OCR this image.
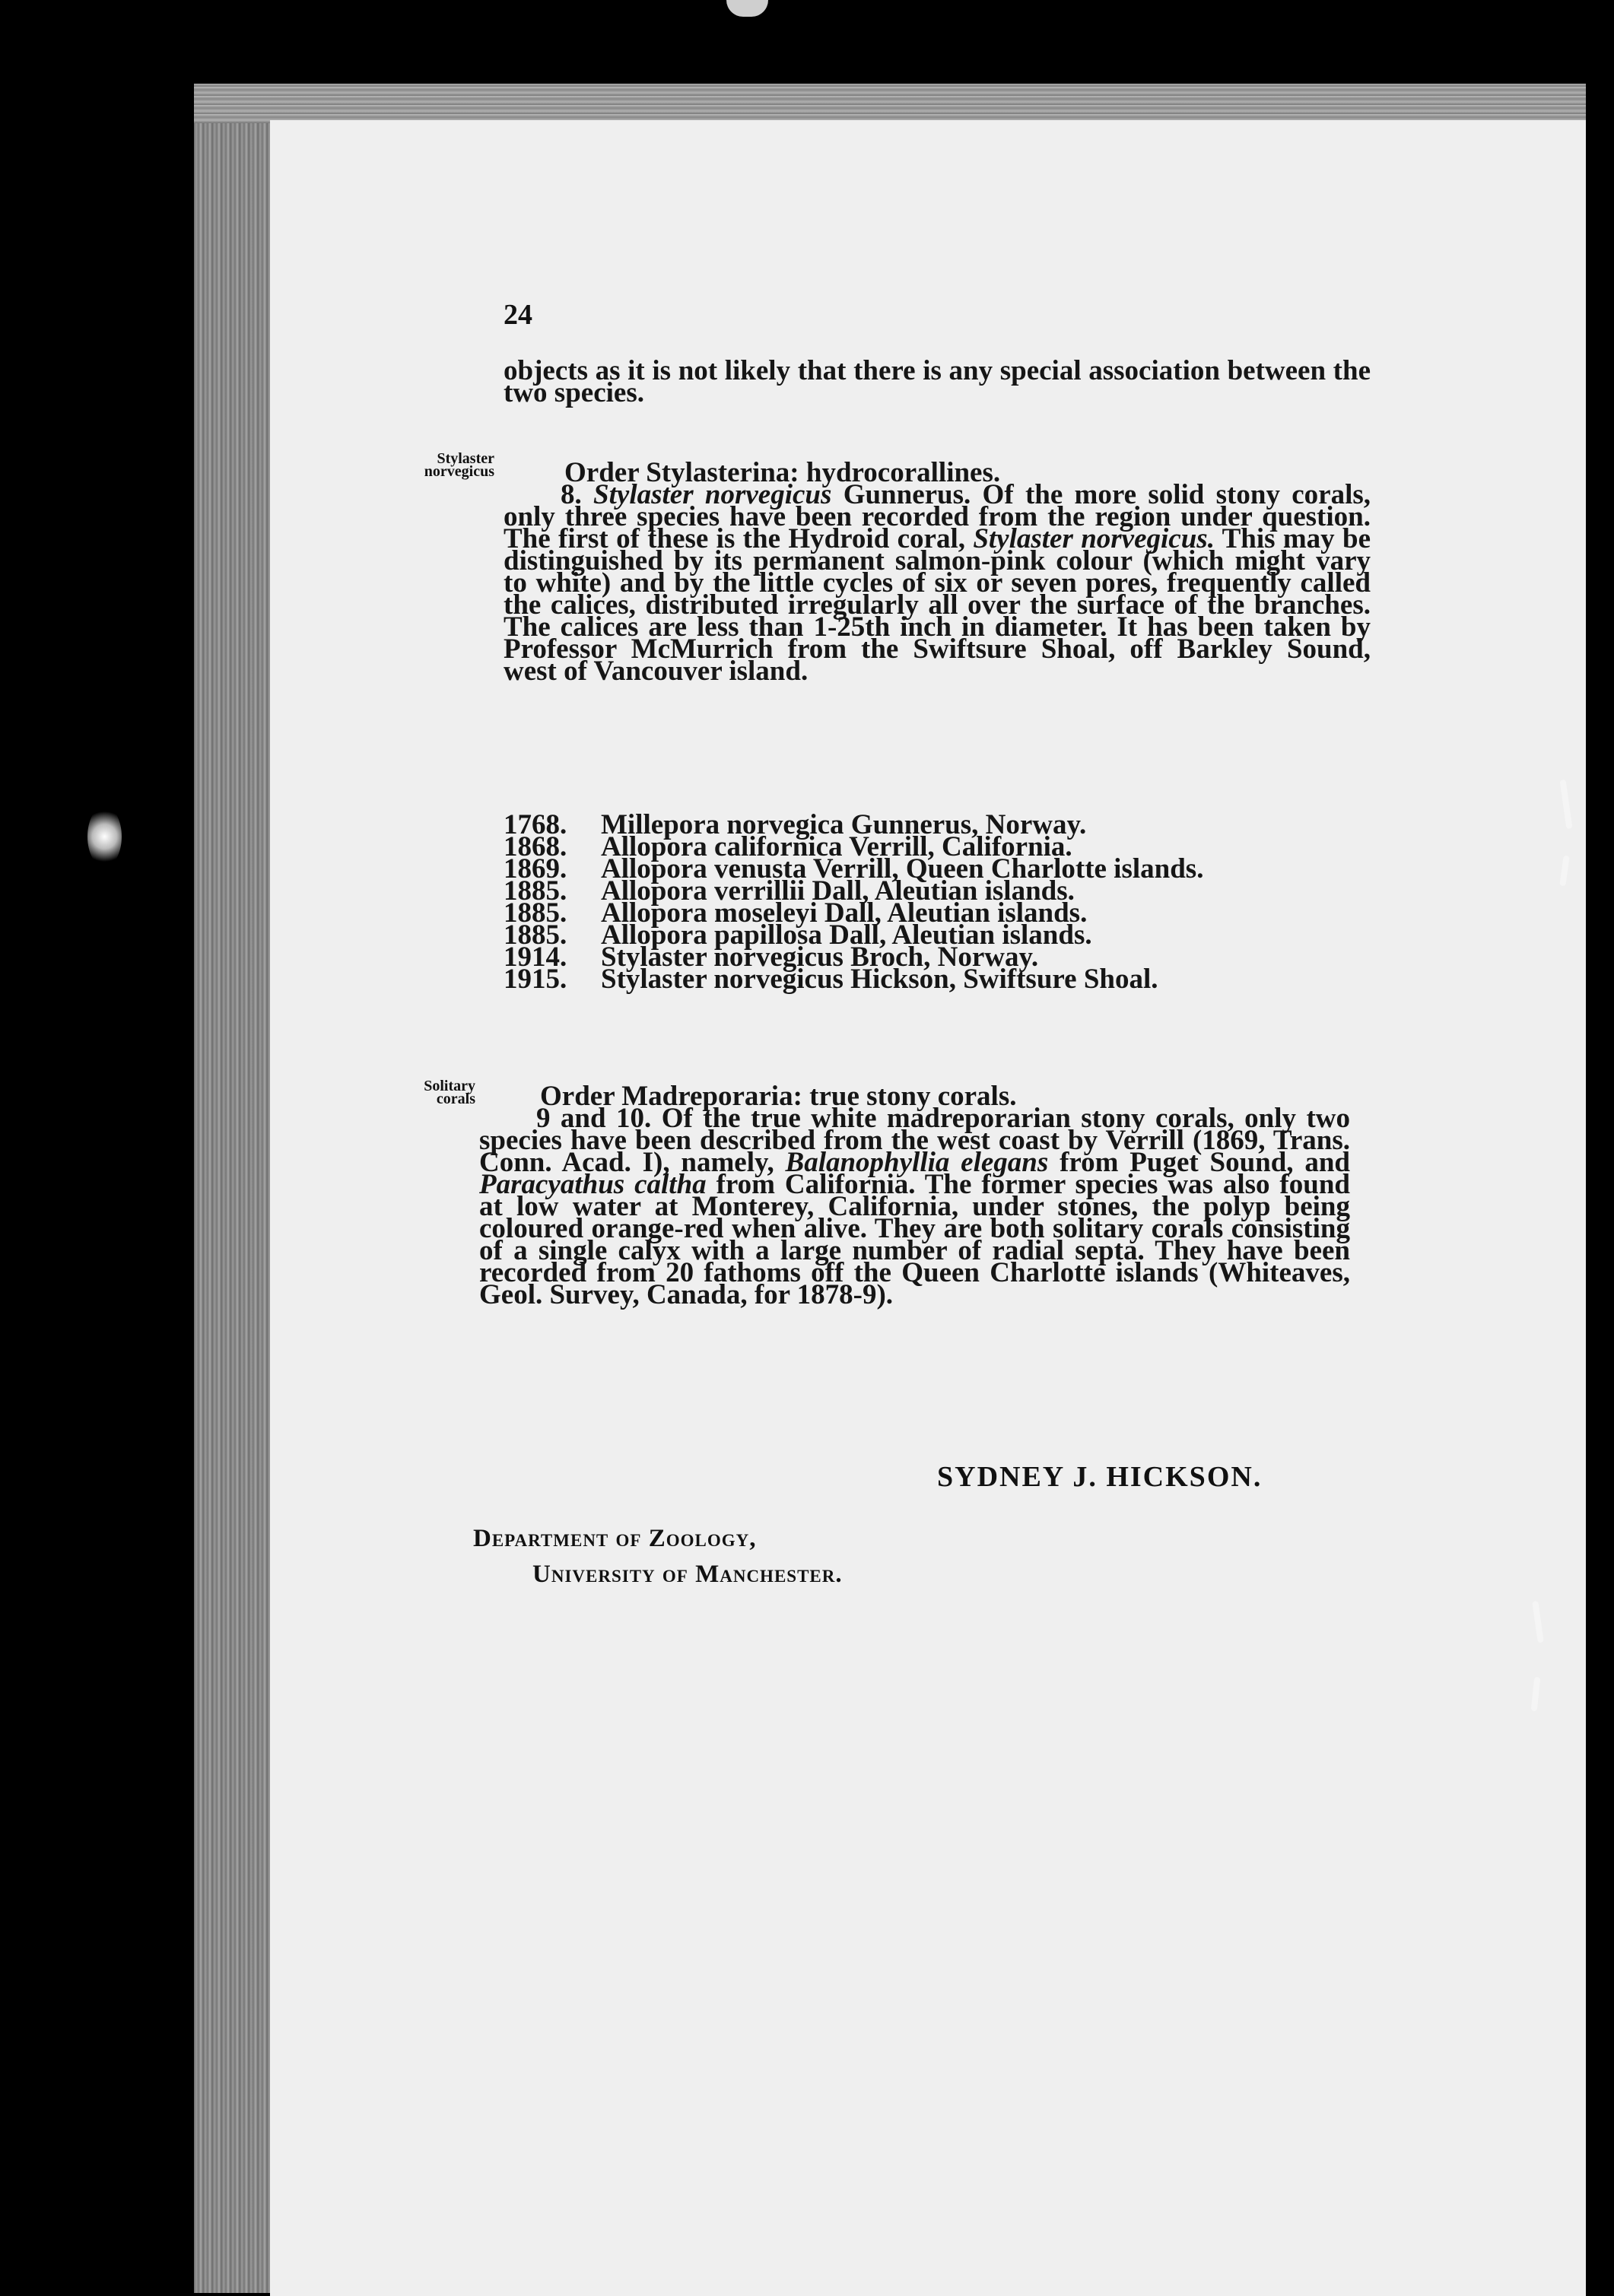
24

objects as it is not likely that there is any special association between the two species.

Stylaster
norvegicus	Order Stylasterina: hydrocorallines.

8. Stylaster norvegicus Gunnerus. Of the more solid stony corals, only three species have been recorded from the region under question. The first of these is the Hydroid coral, Stylaster norvegicus. This may be distinguished by its permanent salmon-pink colour (which might vary to white) and by the little cycles of six or seven pores, frequently called the calices, distributed irregularly all over the surface of the branches. The calices are less than 1-25th inch in diameter. It has been taken by Professor McMurrich from the Swiftsure Shoal, off Barkley Sound, west of Vancouver island.

1768.	Millepora norvegica Gunnerus, Norway.
1868.	Allopora californica Verrill, California.
1869.	Allopora venusta Verrill, Queen Charlotte islands.
1885.	Allopora verrillii Dall, Aleutian islands.
1885.	Allopora moseleyi Dall, Aleutian islands.
1885.	Allopora papillosa Dall, Aleutian islands.
1914.	Stylaster norvegicus Broch, Norway.
1915.	Stylaster norvegicus Hickson, Swiftsure Shoal.
Solitary
corals	Order Madreporaria: true stony corals.

9 and 10. Of the true white madreporarian stony corals, only two species have been described from the west coast by Verrill (1869, Trans. Conn. Acad. I), namely, Balanophyllia elegans from Puget Sound, and Paracyathus caltha from California. The former species was also found at low water at Monterey, California, under stones, the polyp being coloured orange-red when alive. They are both solitary corals consisting of a single calyx with a large number of radial septa. They have been recorded from 20 fathoms off the Queen Charlotte islands (Whiteaves, Geol. Survey, Canada, for 1878-9).

SYDNEY J. HICKSON.
Department of Zoology,
University of Manchester.
